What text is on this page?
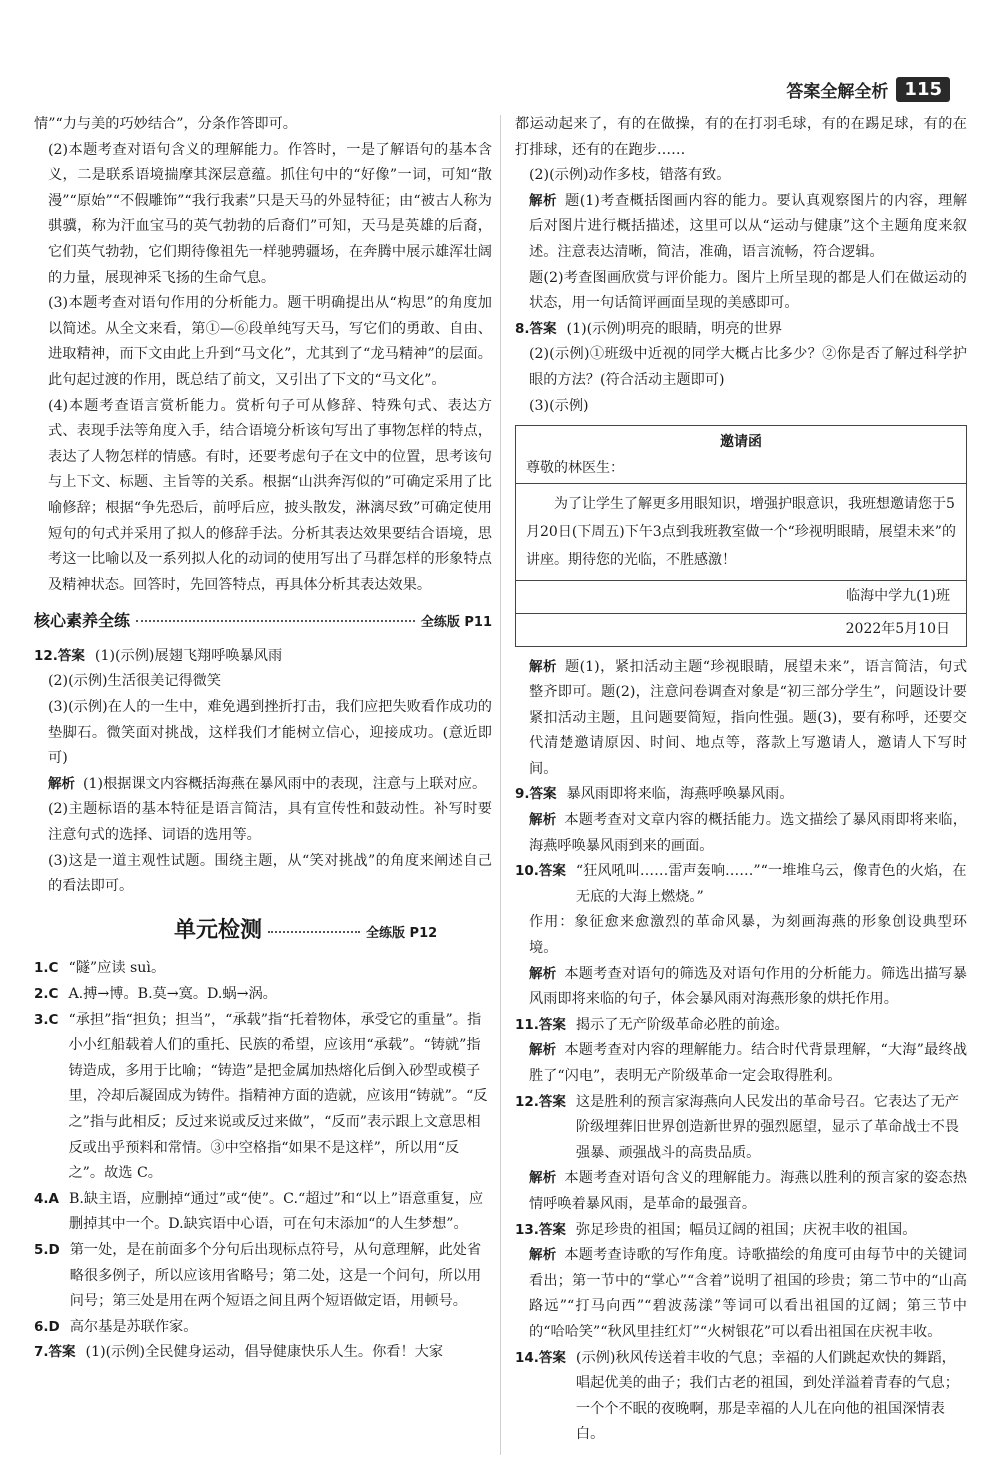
答案全解全析 115

情”“力与美的巧妙结合”，分条作答即可。

(2)本题考查对语句含义的理解能力。作答时，一是了解语句的基本含义，二是联系语境揣摩其深层意蕴。抓住句中的“好像”一词，可知“散漫”“原始”“不假雕饰”“我行我素”只是天马的外显特征；由“被古人称为骐骥，称为汗血宝马的英气勃勃的后裔们”可知，天马是英雄的后裔，它们英气勃勃，它们期待像祖先一样驰骋疆场，在奔腾中展示雄浑壮阔的力量，展现神采飞扬的生命气息。

(3)本题考查对语句作用的分析能力。题干明确提出从“构思”的角度加以简述。从全文来看，第①—⑥段单纯写天马，写它们的勇敢、自由、进取精神，而下文由此上升到“马文化”，尤其到了“龙马精神”的层面。此句起过渡的作用，既总结了前文，又引出了下文的“马文化”。

(4)本题考查语言赏析能力。赏析句子可从修辞、特殊句式、表达方式、表现手法等角度入手，结合语境分析该句写出了事物怎样的特点，表达了人物怎样的情感。有时，还要考虑句子在文中的位置，思考该句与上下文、标题、主旨等的关系。根据“山洪奔泻似的”可确定采用了比喻修辞；根据“争先恐后，前呼后应，披头散发，淋漓尽致”可确定使用短句的句式并采用了拟人的修辞手法。分析其表达效果要结合语境，思考这一比喻以及一系列拟人化的动词的使用写出了马群怎样的形象特点及精神状态。回答时，先回答特点，再具体分析其表达效果。

核心素养全练	全练版 P11
12.答案 (1)(示例)展翅飞翔呼唤暴风雨

(2)(示例)生活很美记得微笑

(3)(示例)在人的一生中，难免遇到挫折打击，我们应把失败看作成功的垫脚石。微笑面对挑战，这样我们才能树立信心，迎接成功。(意近即可)

解析 (1)根据课文内容概括海燕在暴风雨中的表现，注意与上联对应。

(2)主题标语的基本特征是语言简洁，具有宣传性和鼓动性。补写时要注意句式的选择、词语的选用等。

(3)这是一道主观性试题。围绕主题，从“笑对挑战”的角度来阐述自己的看法即可。

单元检测	全练版 P12
1.C “隧”应读 suì。
2.C A.搏→博。B.莫→寞。D.蜗→涡。
3.C “承担”指“担负；担当”，“承载”指“托着物体，承受它的重量”。指小小红船载着人们的重托、民族的希望，应该用“承载”。“铸就”指铸造成，多用于比喻；“铸造”是把金属加热熔化后倒入砂型或模子里，冷却后凝固成为铸件。指精神方面的造就，应该用“铸就”。“反之”指与此相反；反过来说或反过来做”，“反而”表示跟上文意思相反或出乎预料和常情。③中空格指“如果不是这样”，所以用“反之”。故选 C。
4.A B.缺主语，应删掉“通过”或“使”。C.“超过”和“以上”语意重复，应删掉其中一个。D.缺宾语中心语，可在句末添加“的人生梦想”。
5.D 第一处，是在前面多个分句后出现标点符号，从句意理解，此处省略很多例子，所以应该用省略号；第二处，这是一个问句，所以用问号；第三处是用在两个短语之间且两个短语做定语，用顿号。
6.D 高尔基是苏联作家。
7.答案 (1)(示例)全民健身运动，倡导健康快乐人生。你看！大家

都运动起来了，有的在做操，有的在打羽毛球，有的在踢足球，有的在打排球，还有的在跑步……

(2)(示例)动作多枝，错落有致。

解析 题(1)考查概括图画内容的能力。要认真观察图片的内容，理解后对图片进行概括描述，这里可以从“运动与健康”这个主题角度来叙述。注意表达清晰，简洁，准确，语言流畅，符合逻辑。

题(2)考查图画欣赏与评价能力。图片上所呈现的都是人们在做运动的状态，用一句话简评画面呈现的美感即可。

8.答案 (1)(示例)明亮的眼睛，明亮的世界

(2)(示例)①班级中近视的同学大概占比多少？②你是否了解过科学护眼的方法？(符合活动主题即可)

(3)(示例)

邀请函
尊敬的林医生：
为了让学生了解更多用眼知识，增强护眼意识，我班想邀请您于5月20日(下周五)下午3点到我班教室做一个“珍视明眼睛，展望未来”的讲座。期待您的光临，不胜感激！
临海中学九(1)班
2022年5月10日

解析 题(1)，紧扣活动主题“珍视眼睛，展望未来”，语言简洁，句式整齐即可。题(2)，注意问卷调查对象是“初三部分学生”，问题设计要紧扣活动主题，且问题要简短，指向性强。题(3)，要有称呼，还要交代清楚邀请原因、时间、地点等，落款上写邀请人，邀请人下写时间。

9.答案 暴风雨即将来临，海燕呼唤暴风雨。

解析 本题考查对文章内容的概括能力。选文描绘了暴风雨即将来临，海燕呼唤暴风雨到来的画面。

10.答案 “狂风吼叫……雷声轰响……”“一堆堆乌云，像青色的火焰，在无底的大海上燃烧。”

作用：象征愈来愈激烈的革命风暴，为刻画海燕的形象创设典型环境。

解析 本题考查对语句的筛选及对语句作用的分析能力。筛选出描写暴风雨即将来临的句子，体会暴风雨对海燕形象的烘托作用。

11.答案 揭示了无产阶级革命必胜的前途。

解析 本题考查对内容的理解能力。结合时代背景理解，“大海”最终战胜了“闪电”，表明无产阶级革命一定会取得胜利。

12.答案 这是胜利的预言家海燕向人民发出的革命号召。它表达了无产阶级埋葬旧世界创造新世界的强烈愿望，显示了革命战士不畏强暴、顽强战斗的高贵品质。

解析 本题考查对语句含义的理解能力。海燕以胜利的预言家的姿态热情呼唤着暴风雨，是革命的最强音。

13.答案 弥足珍贵的祖国；幅员辽阔的祖国；庆祝丰收的祖国。

解析 本题考查诗歌的写作角度。诗歌描绘的角度可由每节中的关键词看出；第一节中的“掌心”“含着”说明了祖国的珍贵；第二节中的“山高路远”“打马向西”“碧波荡漾”等词可以看出祖国的辽阔；第三节中的“哈哈笑”“秋风里挂红灯”“火树银花”可以看出祖国在庆祝丰收。

14.答案 (示例)秋风传送着丰收的气息；幸福的人们跳起欢快的舞蹈，唱起优美的曲子；我们古老的祖国，到处洋溢着青春的气息；一个个不眠的夜晚啊，那是幸福的人儿在向他的祖国深情表白。
